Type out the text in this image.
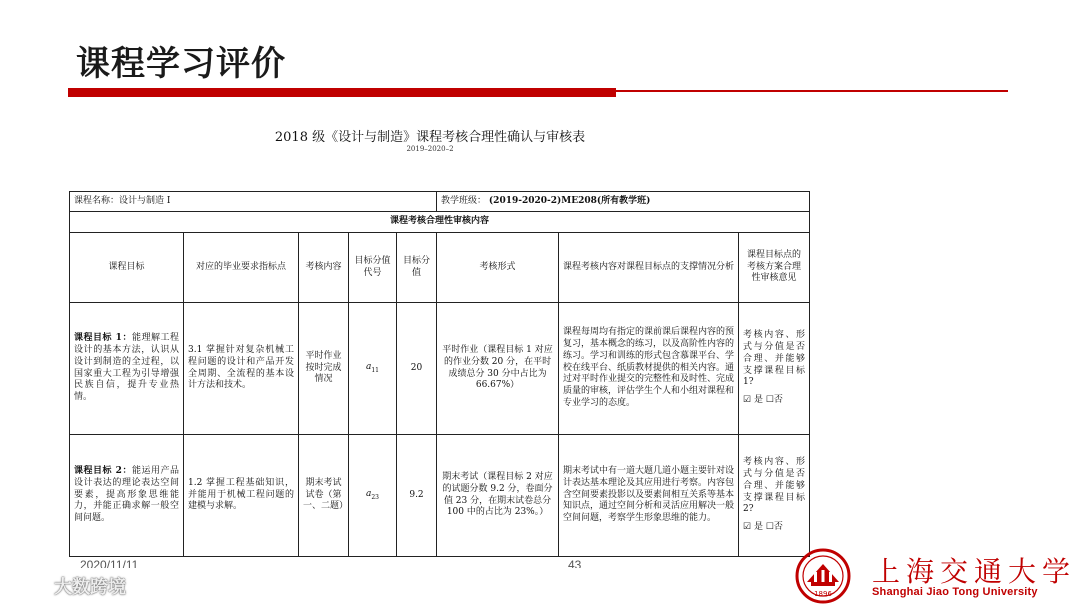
课程学习评价
2018 级《设计与制造》课程考核合理性确认与审核表
2019–2020–2
课程名称：设计与制造 I					教学班级： (2019-2020-2)ME208(所有教学班)		
课程考核合理性审核内容							
课程目标	对应的毕业要求指标点	考核内容	目标分值代号	目标分值	考核形式	课程考核内容对课程目标点的支撑情况分析	课程目标点的考核方案合理性审核意见
课程目标 1：能理解工程设计的基本方法，认识从设计到制造的全过程，以国家重大工程为引导增强民族自信，提升专业热情。	3.1 掌握针对复杂机械工程问题的设计和产品开发全周期、全流程的基本设计方法和技术。	平时作业按时完成情况	$a_{11}$	20	平时作业（课程目标 1 对应的作业分数 20 分，在平时成绩总分 30 分中占比为 66.67%）	课程每周均有指定的课前课后课程内容的预复习，基本概念的练习，以及高阶性内容的练习。学习和训练的形式包含慕课平台、学校在线平台、纸质教材提供的相关内容。通过对平时作业提交的完整性和及时性、完成质量的审核，评估学生个人和小组对课程和专业学习的态度。	考核内容、形式与分值是否合理、并能够支撑课程目标 1?
☑ 是 ☐否

课程目标 2：能运用产品设计表达的理论表达空间要素，提高形象思维能力，并能正确求解一般空间问题。	1.2 掌握工程基础知识，并能用于机械工程问题的建模与求解。	期末考试试卷（第一、二题）	$a_{23}$	9.2	期末考试（课程目标 2 对应的试题分数 9.2 分，卷面分值 23 分，在期末试卷总分 100 中的占比为 23%。）	期末考试中有一道大题几道小题主要针对设计表达基本理论及其应用进行考察。内容包含空间要素投影以及要素间相互关系等基本知识点，通过空间分析和灵活应用解决一般空间问题，考察学生形象思维的能力。	考核内容、形式与分值是否合理、并能够支撑课程目标 2?
☑ 是 ☐否
2020/11/11	43
大数跨境	1896
上海交通大学
Shanghai Jiao Tong University
